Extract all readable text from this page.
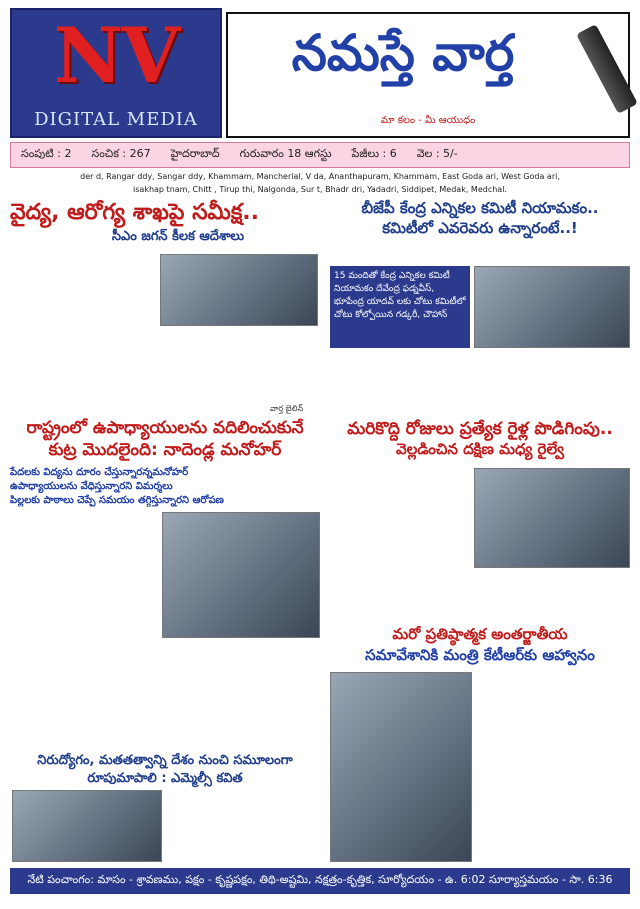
NV
DIGITAL MEDIA
నమస్తే వార్త
మా కలం - మీ ఆయుధం
సంపుటి : 2	సంచిక : 267	హైదరాబాద్	గురువారం 18 ఆగస్టు	పేజీలు : 6	వెల : 5/-
der d, Rangar ddy, Sangar ddy, Khammam, Mancherial, V da, Ananthapuram, Khammam, East Goda ari, West Goda ari,
isakhap tnam, Chitt , Tirup thi, Nalgonda, Sur t, Bhadr dri, Yadadri, Siddipet, Medak, Medchal.
వైద్య, ఆరోగ్య శాఖపై సమీక్ష..
సీఎం జగన్ కీలక ఆదేశాలు
బీజేపీ కేంద్ర ఎన్నికల కమిటీ నియామకం..
కమిటీలో ఎవరెవరు ఉన్నారంటే..!
వార్త బైలిన్
15 మందితో కేంద్ర ఎన్నికల కమిటీ నియామకం దేవేంద్ర ఫడ్నవీస్, భూపేంద్ర యాదవ్ లకు చోటు కమిటీలో చోటు కోల్పోయిన గడ్కరీ, చౌహాన్
రాష్ట్రంలో ఉపాధ్యాయులను వదిలించుకునే కుట్ర మొదలైంది: నాదెండ్ల మనోహర్
పేదలకు విద్యను దూరం చేస్తున్నారన్నమనోహర్
ఉపాధ్యాయులను వేధిస్తున్నారని విమర్శలు
పిల్లలకు పాఠాలు చెప్పే సమయం తగ్గిస్తున్నారని ఆరోపణ
మరికొద్ది రోజులు ప్రత్యేక రైళ్ల పొడిగింపు..
వెల్లడించిన దక్షిణ మధ్య రైల్వే
మరో ప్రతిష్ఠాత్మక అంతర్జాతీయ
సమావేశానికి మంత్రి కేటీఆర్‌కు ఆహ్వానం
నిరుద్యోగం, మతతత్వాన్ని దేశం నుంచి సమూలంగా
రూపుమాపాలి : ఎమ్మెల్సీ కవిత
నేటి పంచాంగం: మాసం - శ్రావణము, పక్షం - కృష్ణపక్షం, తిథి-అష్టమి, నక్షత్రం-కృత్తిక, సూర్యోదయం - ఉ. 6:02 సూర్యాస్తమయం - సా. 6:36
